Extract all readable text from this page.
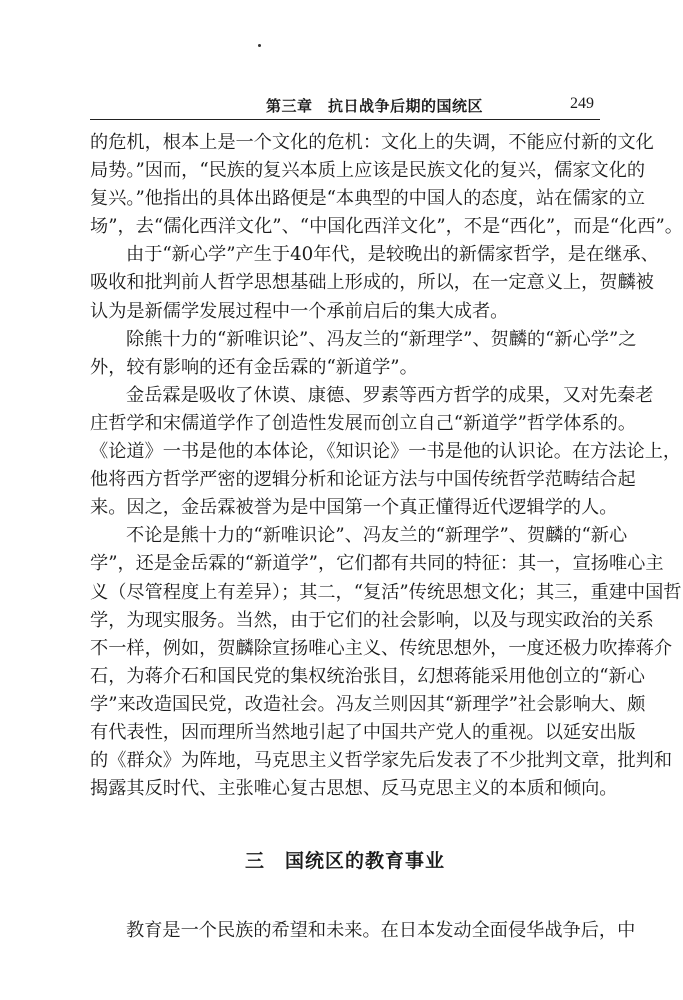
第三章　抗日战争后期的国统区	249
的危机，根本上是一个文化的危机：文化上的失调，不能应付新的文化
局势。”因而，“民族的复兴本质上应该是民族文化的复兴，儒家文化的
复兴。”他指出的具体出路便是“本典型的中国人的态度，站在儒家的立
场”，去“儒化西洋文化”、“中国化西洋文化”，不是“西化”，而是“化西”。
由于“新心学”产生于40年代，是较晚出的新儒家哲学，是在继承、
吸收和批判前人哲学思想基础上形成的，所以，在一定意义上，贺麟被
认为是新儒学发展过程中一个承前启后的集大成者。
除熊十力的“新唯识论”、冯友兰的“新理学”、贺麟的“新心学”之
外，较有影响的还有金岳霖的“新道学”。
金岳霖是吸收了休谟、康德、罗素等西方哲学的成果，又对先秦老
庄哲学和宋儒道学作了创造性发展而创立自己“新道学”哲学体系的。
《论道》一书是他的本体论，《知识论》一书是他的认识论。在方法论上，
他将西方哲学严密的逻辑分析和论证方法与中国传统哲学范畴结合起
来。因之，金岳霖被誉为是中国第一个真正懂得近代逻辑学的人。
不论是熊十力的“新唯识论”、冯友兰的“新理学”、贺麟的“新心
学”，还是金岳霖的“新道学”，它们都有共同的特征：其一，宣扬唯心主
义（尽管程度上有差异）；其二，“复活”传统思想文化；其三，重建中国哲
学，为现实服务。当然，由于它们的社会影响，以及与现实政治的关系
不一样，例如，贺麟除宣扬唯心主义、传统思想外，一度还极力吹捧蒋介
石，为蒋介石和国民党的集权统治张目，幻想蒋能采用他创立的“新心
学”来改造国民党，改造社会。冯友兰则因其“新理学”社会影响大、颇
有代表性，因而理所当然地引起了中国共产党人的重视。以延安出版
的《群众》为阵地，马克思主义哲学家先后发表了不少批判文章，批判和
揭露其反时代、主张唯心复古思想、反马克思主义的本质和倾向。
三　国统区的教育事业
教育是一个民族的希望和未来。在日本发动全面侵华战争后，中
